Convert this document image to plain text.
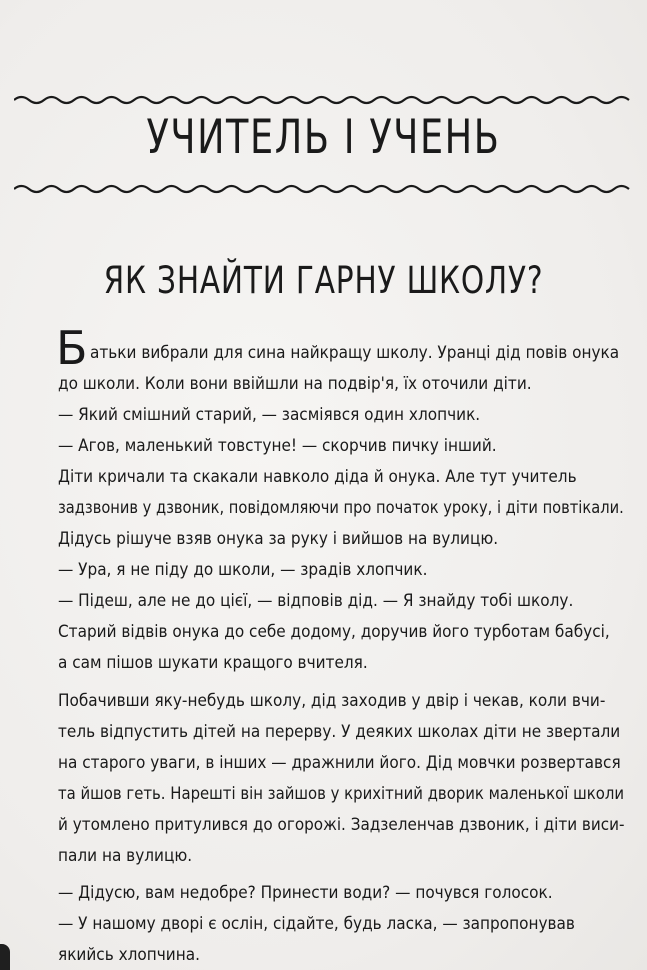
УЧИТЕЛЬ І УЧЕНЬ
ЯК ЗНАЙТИ ГАРНУ ШКОЛУ?
Б атьки вибрали для сина найкращу школу. Уранці дід повів онука

до школи. Коли вони ввійшли на подвір'я, їх оточили діти.

— Який смішний старий, — засміявся один хлопчик.

— Агов, маленький товстуне! — скорчив пичку інший.

Діти кричали та скакали навколо діда й онука. Але тут учитель

задзвонив у дзвоник, повідомляючи про початок уроку, і діти повтікали.

Дідусь рішуче взяв онука за руку і вийшов на вулицю.

— Ура, я не піду до школи, — зрадів хлопчик.

— Підеш, але не до цієї, — відповів дід. — Я знайду тобі школу.

Старий відвів онука до себе додому, доручив його турботам бабусі,

а сам пішов шукати кращого вчителя.

Побачивши яку-небудь школу, дід заходив у двір і чекав, коли вчи-

тель відпустить дітей на перерву. У деяких школах діти не звертали

на старого уваги, в інших — дражнили його. Дід мовчки розвертався

та йшов геть. Нарешті він зайшов у крихітний дворик маленької школи

й утомлено притулився до огорожі. Задзеленчав дзвоник, і діти виси-

пали на вулицю.

— Дідусю, вам недобре? Принести води? — почувся голосок.

— У нашому дворі є ослін, сідайте, будь ласка, — запропонував

якийсь хлопчина.
